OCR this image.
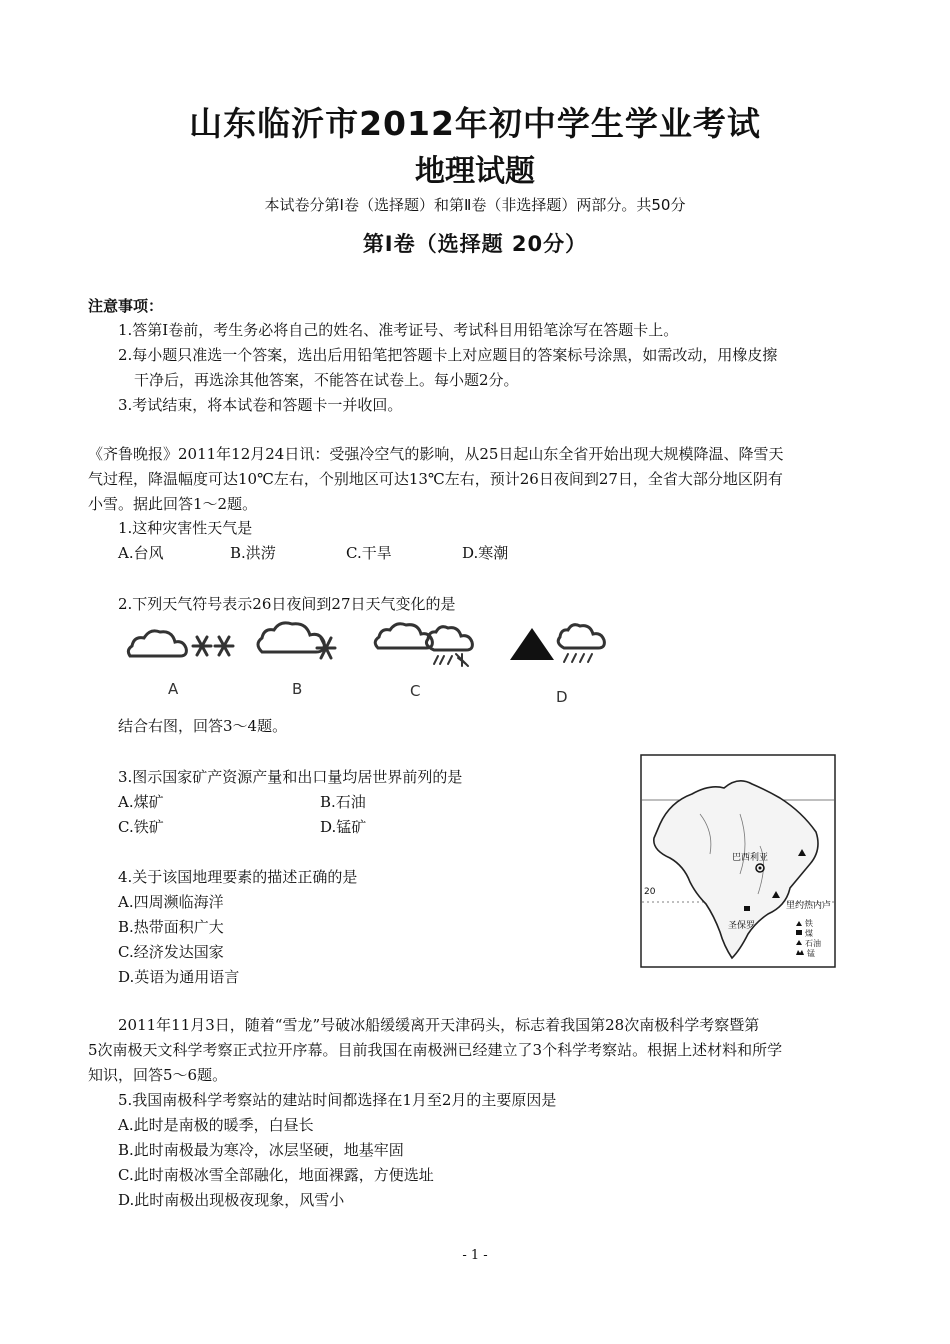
山东临沂市2012年初中学生学业考试
地理试题
本试卷分第Ⅰ卷（选择题）和第Ⅱ卷（非选择题）两部分。共50分
第Ⅰ卷（选择题 20分）
注意事项：
1.答第Ⅰ卷前，考生务必将自己的姓名、准考证号、考试科目用铅笔涂写在答题卡上。
2.每小题只准选一个答案，选出后用铅笔把答题卡上对应题目的答案标号涂黑，如需改动，用橡皮擦
干净后，再选涂其他答案，不能答在试卷上。每小题2分。
3.考试结束，将本试卷和答题卡一并收回。
《齐鲁晚报》2011年12月24日讯：受强冷空气的影响，从25日起山东全省开始出现大规模降温、降雪天
气过程，降温幅度可达10℃左右，个别地区可达13℃左右，预计26日夜间到27日，全省大部分地区阴有
小雪。据此回答1～2题。
1.这种灾害性天气是
A.台风	B.洪涝	C.干旱	D.寒潮
2.下列天气符号表示26日夜间到27日天气变化的是
A	B	C	D
结合右图，回答3～4题。
3.图示国家矿产资源产量和出口量均居世界前列的是
A.煤矿	B.石油
C.铁矿	D.锰矿
4.关于该国地理要素的描述正确的是
A.四周濒临海洋
B.热带面积广大
C.经济发达国家
D.英语为通用语言
巴西利亚
里约热内卢
圣保罗
20
铁
煤
石油
锰
2011年11月3日，随着“雪龙”号破冰船缓缓离开天津码头，标志着我国第28次南极科学考察暨第
5次南极天文科学考察正式拉开序幕。目前我国在南极洲已经建立了3个科学考察站。根据上述材料和所学
知识，回答5～6题。
5.我国南极科学考察站的建站时间都选择在1月至2月的主要原因是
A.此时是南极的暖季，白昼长
B.此时南极最为寒冷，冰层坚硬，地基牢固
C.此时南极冰雪全部融化，地面裸露，方便选址
D.此时南极出现极夜现象，风雪小
- 1 -
